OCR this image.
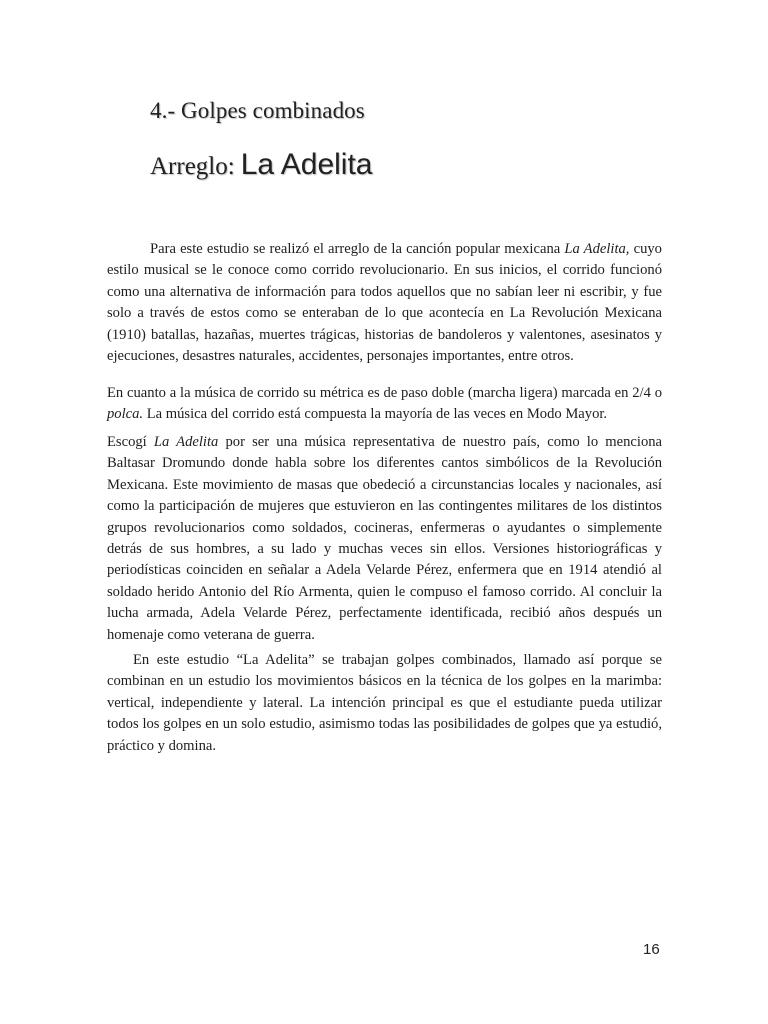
4.- Golpes combinados
Arreglo: La Adelita

Para este estudio se realizó el arreglo de la canción popular mexicana La Adelita, cuyo estilo musical se le conoce como corrido revolucionario. En sus inicios, el corrido funcionó como una alternativa de información para todos aquellos que no sabían leer ni escribir, y fue solo a través de estos como se enteraban de lo que acontecía en La Revolución Mexicana (1910) batallas, hazañas, muertes trágicas, historias de bandoleros y valentones, asesinatos y ejecuciones, desastres naturales, accidentes, personajes importantes, entre otros.

En cuanto a la música de corrido su métrica es de paso doble (marcha ligera) marcada en 2/4 o polca. La música del corrido está compuesta la mayoría de las veces en Modo Mayor.

Escogí La Adelita por ser una música representativa de nuestro país, como lo menciona Baltasar Dromundo donde habla sobre los diferentes cantos simbólicos de la Revolución Mexicana. Este movimiento de masas que obedeció a circunstancias locales y nacionales, así como la participación de mujeres que estuvieron en las contingentes militares de los distintos grupos revolucionarios como soldados, cocineras, enfermeras o ayudantes o simplemente detrás de sus hombres, a su lado y muchas veces sin ellos. Versiones historiográficas y periodísticas coinciden en señalar a Adela Velarde Pérez, enfermera que en 1914 atendió al soldado herido Antonio del Río Armenta, quien le compuso el famoso corrido. Al concluir la lucha armada, Adela Velarde Pérez, perfectamente identificada, recibió años después un homenaje como veterana de guerra.

En este estudio “La Adelita” se trabajan golpes combinados, llamado así porque se combinan en un estudio los movimientos básicos en la técnica de los golpes en la marimba: vertical, independiente y lateral. La intención principal es que el estudiante pueda utilizar todos los golpes en un solo estudio, asimismo todas las posibilidades de golpes que ya estudió, práctico y domina.

16
